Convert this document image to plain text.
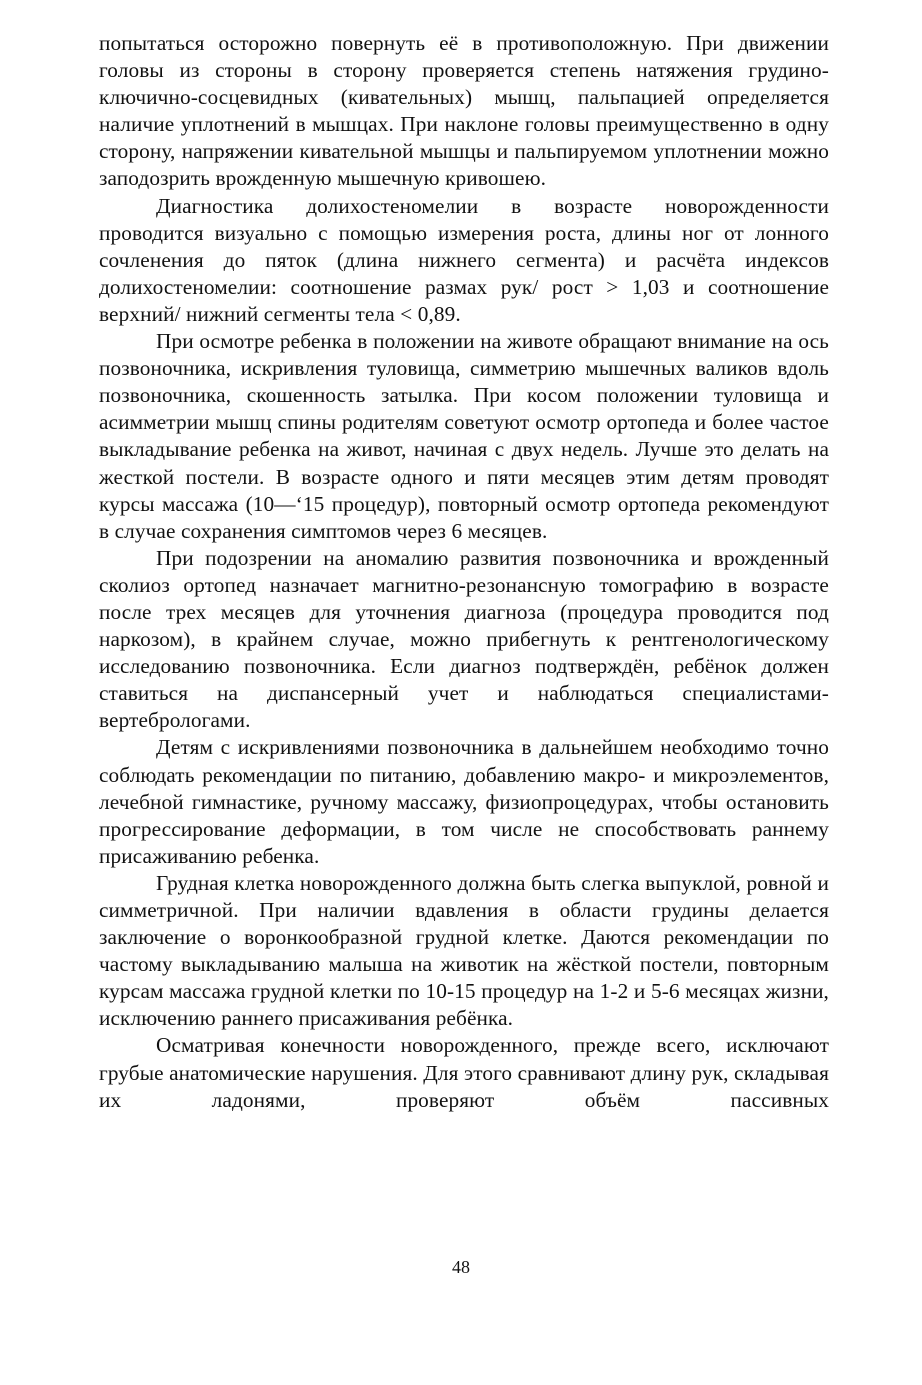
попытаться осторожно повернуть её в противоположную. При движении головы из стороны в сторону проверяется степень натяжения грудино-ключично-сосцевидных (кивательных) мышц, пальпацией определяется наличие уплотнений в мышцах. При наклоне головы преимущественно в одну сторону, напряжении кивательной мышцы и пальпируемом уплотнении можно заподозрить врожденную мышечную кривошею.

Диагностика долихостеномелии в возрасте новорожденности проводится визуально с помощью измерения роста, длины ног от лонного сочленения до пяток (длина нижнего сегмента) и расчёта индексов долихостеномелии: соотношение размах рук/ рост > 1,03 и соотношение верхний/ нижний сегменты тела < 0,89.

При осмотре ребенка в положении на животе обращают внимание на ось позвоночника, искривления туловища, симметрию мышечных валиков вдоль позвоночника, скошенность затылка. При косом положении туловища и асимметрии мышц спины родителям советуют осмотр ортопеда и более частое выкладывание ребенка на живот, начиная с двух недель. Лучше это делать на жесткой постели. В возрасте одного и пяти месяцев этим детям проводят курсы массажа (10—‘15 процедур), повторный осмотр ортопеда рекомендуют в случае сохранения симптомов через 6 месяцев.

При подозрении на аномалию развития позвоночника и врожденный сколиоз ортопед назначает магнитно-резонансную томографию в возрасте после трех месяцев для уточнения диагноза (процедура проводится под наркозом), в крайнем случае, можно прибегнуть к рентгенологическому исследованию позвоночника. Если диагноз подтверждён, ребёнок должен ставиться на диспансерный учет и наблюдаться специалистами-вертебрологами.

Детям с искривлениями позвоночника в дальнейшем необходимо точно соблюдать рекомендации по питанию, добавлению макро- и микроэлементов, лечебной гимнастике, ручному массажу, физиопроцедурах, чтобы остановить прогрессирование деформации, в том числе не способствовать раннему присаживанию ребенка.

Грудная клетка новорожденного должна быть слегка выпуклой, ровной и симметричной. При наличии вдавления в области грудины делается заключение о воронкообразной грудной клетке. Даются рекомендации по частому выкладыванию малыша на животик на жёсткой постели, повторным курсам массажа грудной клетки по 10-15 процедур на 1-2 и 5-6 месяцах жизни, исключению раннего присаживания ребёнка.

Осматривая конечности новорожденного, прежде всего, исключают грубые анатомические нарушения. Для этого сравнивают длину рук, складывая их ладонями, проверяют объём пассивных

48
